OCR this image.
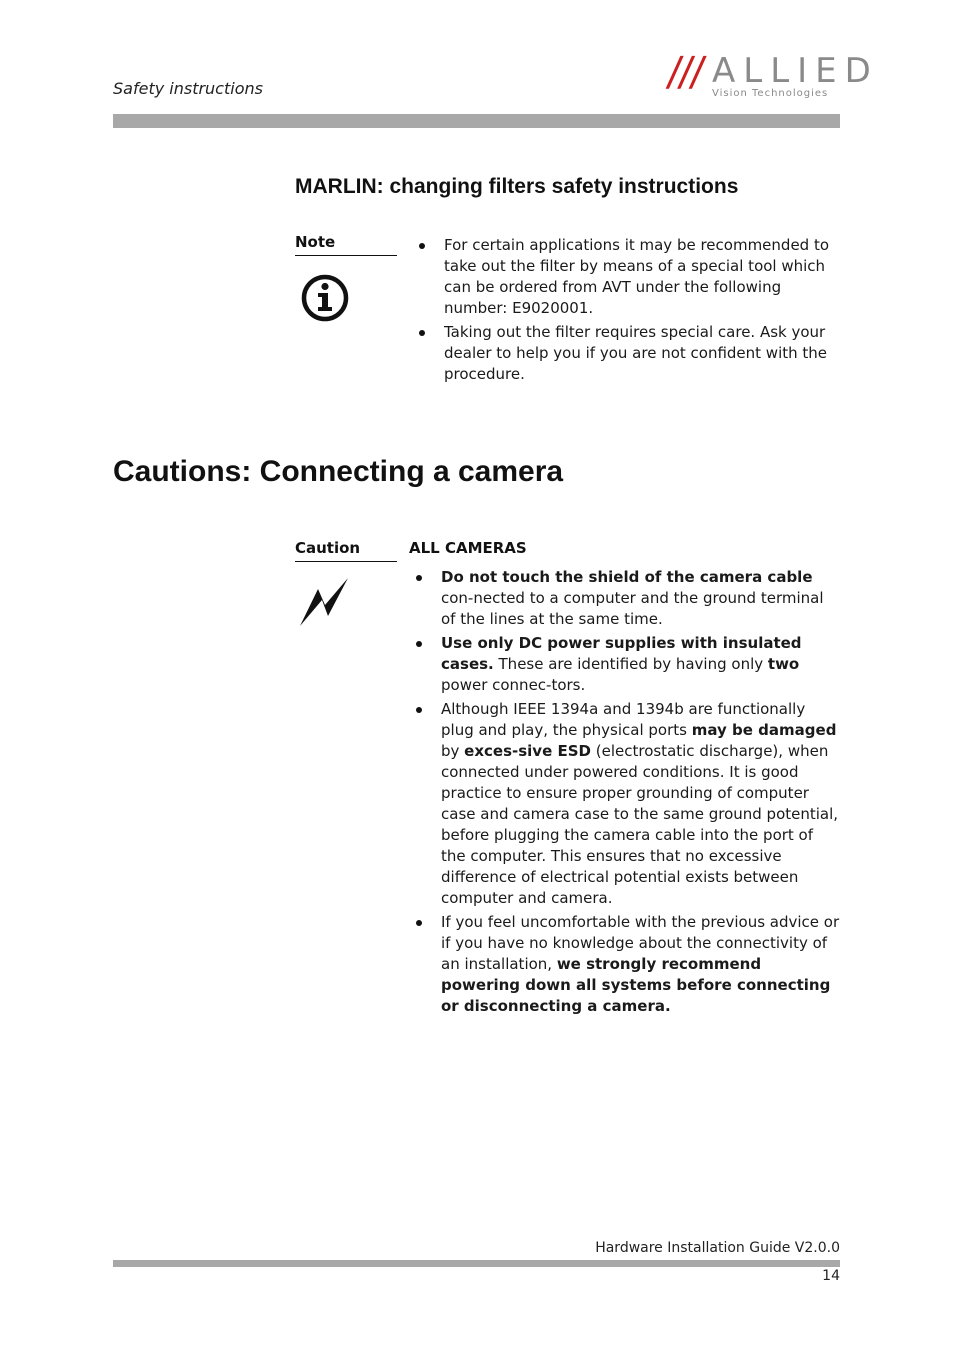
Safety instructions	/// ALLIED
Vision Technologies
MARLIN: changing filters safety instructions
Note	For certain applications it may be recommended to take out the filter by means of a special tool which can be ordered from AVT under the following number: E9020001.
Taking out the filter requires special care. Ask your dealer to help you if you are not confident with the procedure.
Cautions: Connecting a camera
Caution	ALL CAMERAS
Do not touch the shield of the camera cable con-nected to a computer and the ground terminal of the lines at the same time.
Use only DC power supplies with insulated cases. These are identified by having only two power connec-tors.
Although IEEE 1394a and 1394b are functionally plug and play, the physical ports may be damaged by exces-sive ESD (electrostatic discharge), when connected under powered conditions. It is good practice to ensure proper grounding of computer case and camera case to the same ground potential, before plugging the camera cable into the port of the computer. This ensures that no excessive difference of electrical potential exists between computer and camera.
If you feel uncomfortable with the previous advice or if you have no knowledge about the connectivity of an installation, we strongly recommend powering down all systems before connecting or disconnecting a camera.
Hardware Installation Guide V2.0.0
14
